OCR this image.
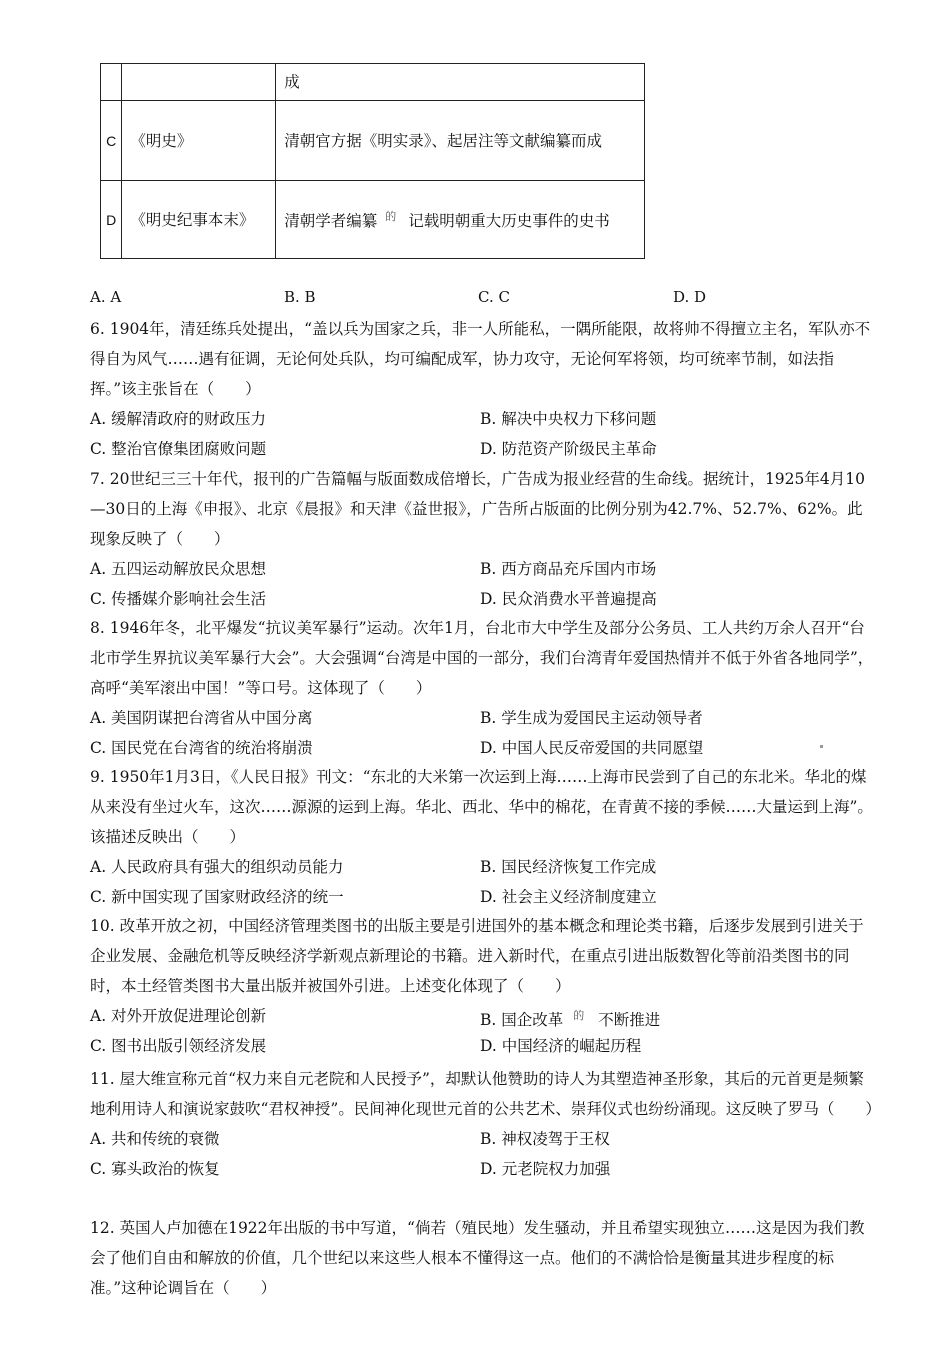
		成
C	《明史》	清朝官方据《明实录》、起居注等文献编纂而成
D	《明史纪事本末》	清朝学者编纂 的 记载明朝重大历史事件的史书
A. A	B. B	C. C	D. D

6. 1904年，清廷练兵处提出，“盖以兵为国家之兵，非一人所能私，一隅所能限，故将帅不得擅立主名，军队亦不得自为风气……遇有征调，无论何处兵队，均可编配成军，协力攻守，无论何军将领，均可统率节制，如法指挥。”该主张旨在（　　）

A. 缓解清政府的财政压力	B. 解决中央权力下移问题
C. 整治官僚集团腐败问题	D. 防范资产阶级民主革命

7. 20世纪三三十年代，报刊的广告篇幅与版面数成倍增长，广告成为报业经营的生命线。据统计，1925年4月10—30日的上海《申报》、北京《晨报》和天津《益世报》，广告所占版面的比例分别为42.7%、52.7%、62%。此现象反映了（　　）

A. 五四运动解放民众思想	B. 西方商品充斥国内市场
C. 传播媒介影响社会生活	D. 民众消费水平普遍提高

8. 1946年冬，北平爆发“抗议美军暴行”运动。次年1月，台北市大中学生及部分公务员、工人共约万余人召开“台北市学生界抗议美军暴行大会”。大会强调“台湾是中国的一部分，我们台湾青年爱国热情并不低于外省各地同学”，高呼“美军滚出中国！”等口号。这体现了（　　）

A. 美国阴谋把台湾省从中国分离	B. 学生成为爱国民主运动领导者
C. 国民党在台湾省的统治将崩溃	D. 中国人民反帝爱国的共同愿望

9. 1950年1月3日，《人民日报》刊文：“东北的大米第一次运到上海……上海市民尝到了自己的东北米。华北的煤从来没有坐过火车，这次……源源的运到上海。华北、西北、华中的棉花，在青黄不接的季候……大量运到上海”。该描述反映出（　　）

A. 人民政府具有强大的组织动员能力	B. 国民经济恢复工作完成
C. 新中国实现了国家财政经济的统一	D. 社会主义经济制度建立

10. 改革开放之初，中国经济管理类图书的出版主要是引进国外的基本概念和理论类书籍，后逐步发展到引进关于企业发展、金融危机等反映经济学新观点新理论的书籍。进入新时代，在重点引进出版数智化等前沿类图书的同时，本土经管类图书大量出版并被国外引进。上述变化体现了（　　）

A. 对外开放促进理论创新	B. 国企改革 $^的$ 不断推进
C. 图书出版引领经济发展	D. 中国经济的崛起历程

11. 屋大维宣称元首“权力来自元老院和人民授予”，却默认他赞助的诗人为其塑造神圣形象，其后的元首更是频繁地利用诗人和演说家鼓吹“君权神授”。民间神化现世元首的公共艺术、崇拜仪式也纷纷涌现。这反映了罗马（　　）

A. 共和传统的衰微	B. 神权凌驾于王权
C. 寡头政治的恢复	D. 元老院权力加强

12. 英国人卢加德在1922年出版的书中写道，“倘若（殖民地）发生骚动，并且希望实现独立……这是因为我们教会了他们自由和解放的价值，几个世纪以来这些人根本不懂得这一点。他们的不满恰恰是衡量其进步程度的标准。”这种论调旨在（　　）
